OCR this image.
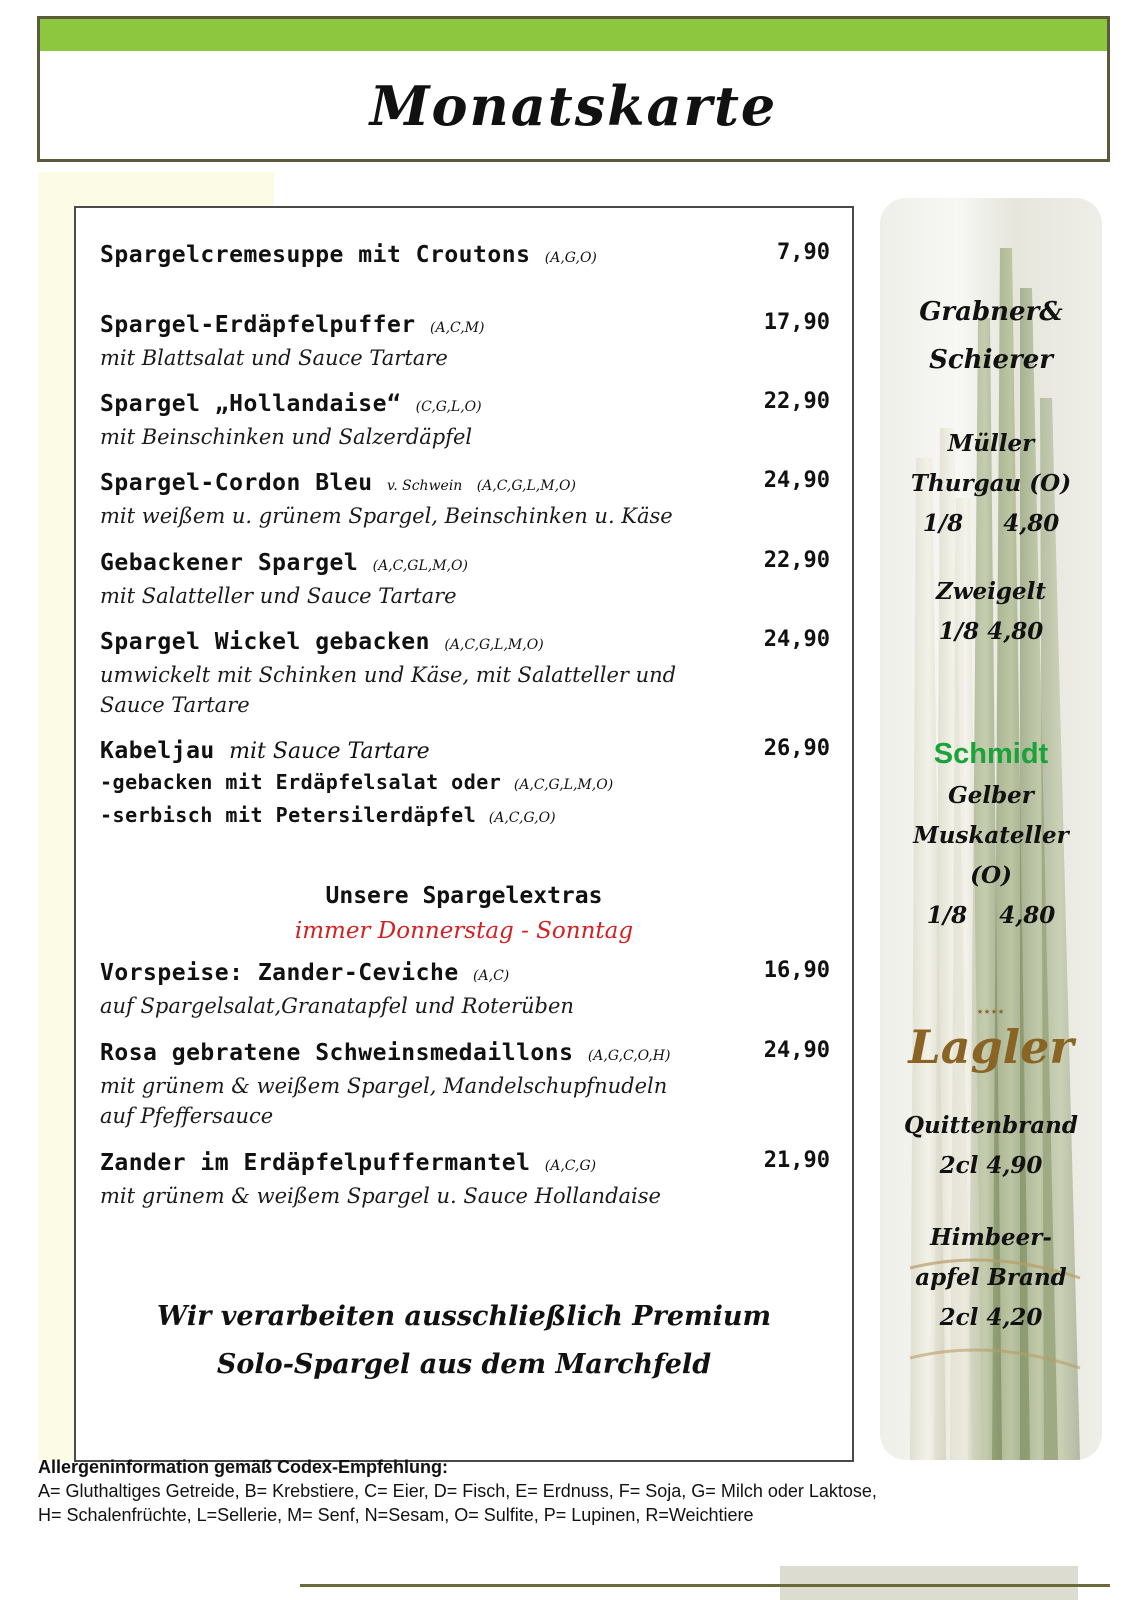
Monatskarte
Spargelcremesuppe mit Croutons (A,G,O)	7,90
Spargel-Erdäpfelpuffer (A,C,M)
mit Blattsalat und Sauce Tartare
17,90
Spargel „Hollandaise“ (C,G,L,O)
mit Beinschinken und Salzerdäpfel
22,90
Spargel-Cordon Bleu v. Schwein (A,C,G,L,M,O)
mit weißem u. grünem Spargel, Beinschinken u. Käse
24,90
Gebackener Spargel (A,C,GL,M,O)
mit Salatteller und Sauce Tartare
22,90
Spargel Wickel gebacken (A,C,G,L,M,O)
umwickelt mit Schinken und Käse, mit Salatteller und
Sauce Tartare
24,90
Kabeljau mit Sauce Tartare
-gebacken mit Erdäpfelsalat oder (A,C,G,L,M,O)
-serbisch mit Petersilerdäpfel (A,C,G,O)
26,90
Unsere Spargelextras
immer Donnerstag - Sonntag
Vorspeise: Zander-Ceviche (A,C)
auf Spargelsalat,Granatapfel und Roterüben
16,90
Rosa gebratene Schweinsmedaillons (A,G,C,O,H)
mit grünem & weißem Spargel, Mandelschupfnudeln
auf Pfeffersauce
24,90
Zander im Erdäpfelpuffermantel (A,C,G)
mit grünem & weißem Spargel u. Sauce Hollandaise
21,90
Wir verarbeiten ausschließlich Premium
Solo-Spargel aus dem Marchfeld
Grabner&
Schierer
Müller
Thurgau (O)
1/8     4,80
Zweigelt
1/8 4,80
Schmidt
Gelber
Muskateller
(O)
1/8    4,80
★★★★
Lagler
Quittenbrand
2cl 4,90
Himbeer-
apfel Brand
2cl 4,20
Allergeninformation gemäß Codex-Empfehlung:
A= Gluthaltiges Getreide, B= Krebstiere, C= Eier, D= Fisch, E= Erdnuss, F= Soja, G= Milch oder Laktose,
H= Schalenfrüchte, L=Sellerie, M= Senf, N=Sesam, O= Sulfite, P= Lupinen, R=Weichtiere
